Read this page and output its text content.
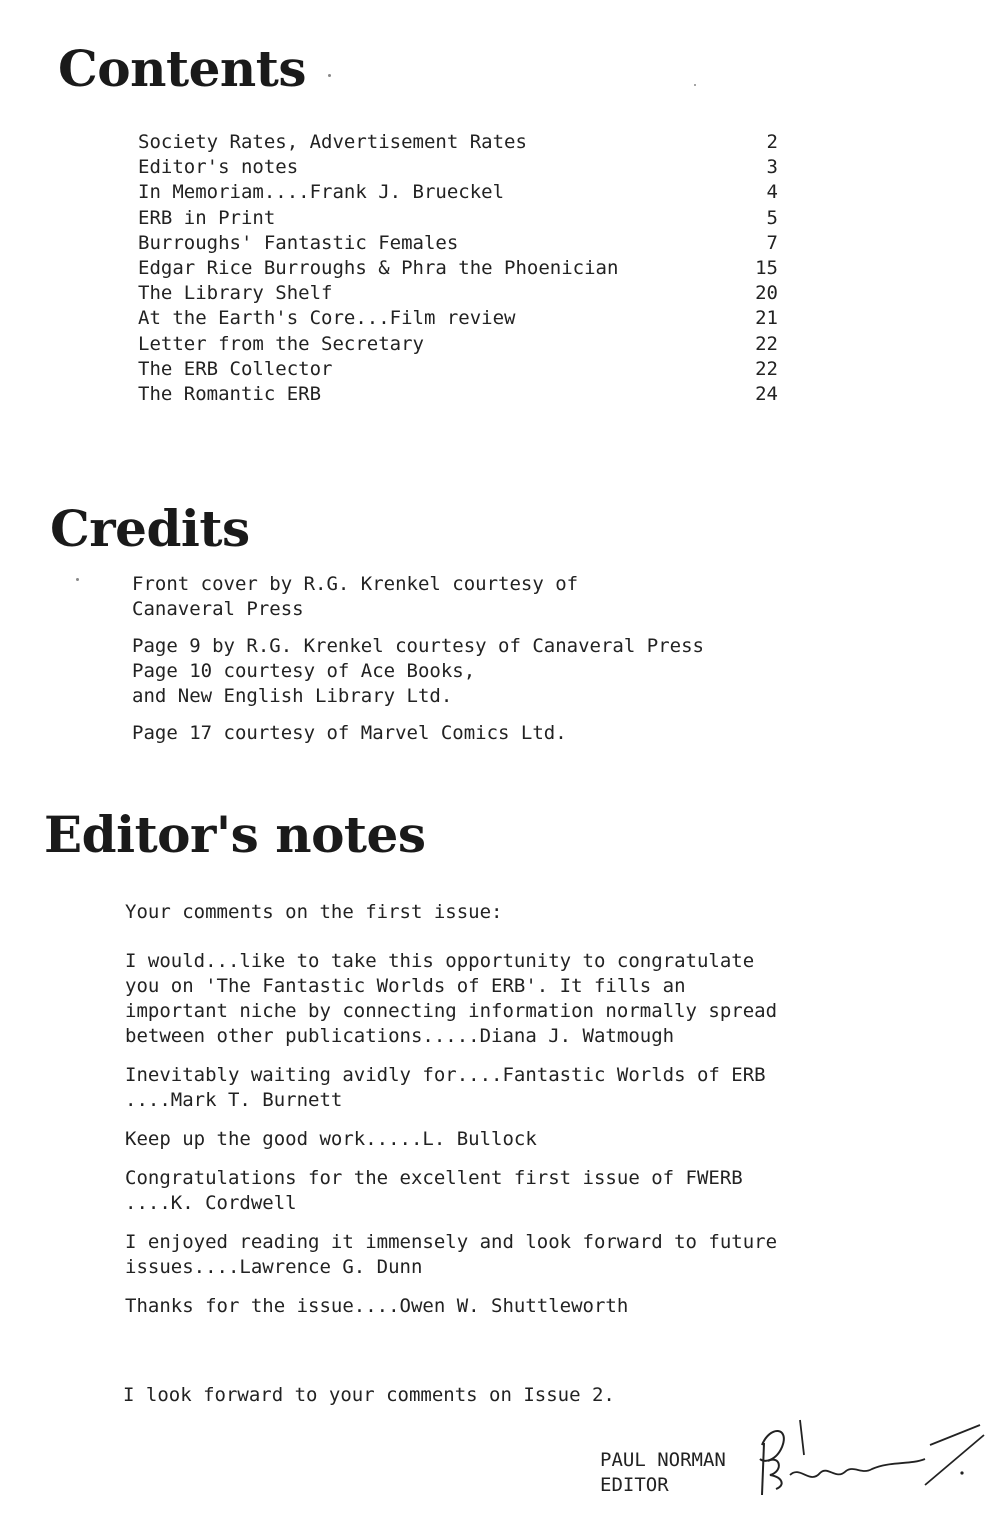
Contents
Society Rates, Advertisement Rates	2
Editor's notes	3
In Memoriam....Frank J. Brueckel	4
ERB in Print	5
Burroughs' Fantastic Females	7
Edgar Rice Burroughs & Phra the Phoenician	15
The Library Shelf	20
At the Earth's Core...Film review	21
Letter from the Secretary	22
The ERB Collector	22
The Romantic ERB	24
Credits

Front cover by R.G. Krenkel courtesy of
Canaveral Press

Page 9 by R.G. Krenkel courtesy of Canaveral Press
Page 10 courtesy of Ace Books,
and New English Library Ltd.

Page 17 courtesy of Marvel Comics Ltd.

Editor's notes

Your comments on the first issue:

I would...like to take this opportunity to congratulate
you on 'The Fantastic Worlds of ERB'. It fills an
important niche by connecting information normally spread
between other publications.....Diana J. Watmough

Inevitably waiting avidly for....Fantastic Worlds of ERB
....Mark T. Burnett

Keep up the good work.....L. Bullock

Congratulations for the excellent first issue of FWERB
....K. Cordwell

I enjoyed reading it immensely and look forward to future
issues....Lawrence G. Dunn

Thanks for the issue....Owen W. Shuttleworth

I look forward to your comments on Issue 2.

PAUL NORMAN
EDITOR
